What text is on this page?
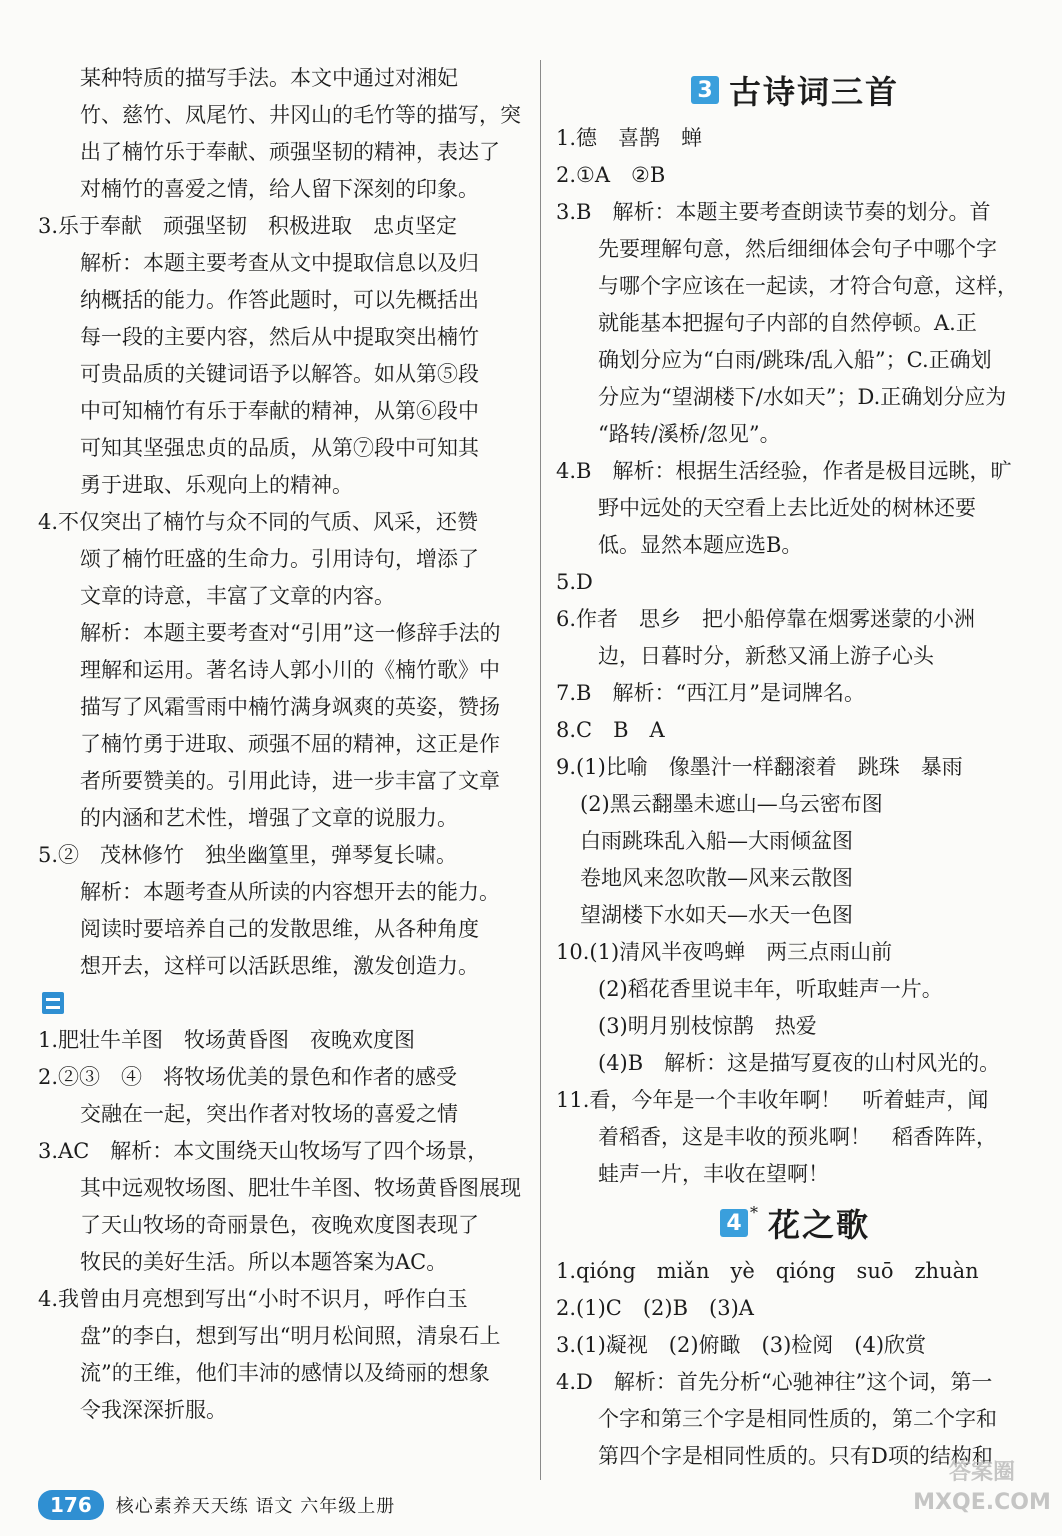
某种特质的描写手法。本文中通过对湘妃
竹、慈竹、凤尾竹、井冈山的毛竹等的描写，突
出了楠竹乐于奉献、顽强坚韧的精神，表达了
对楠竹的喜爱之情，给人留下深刻的印象。
3.乐于奉献　顽强坚韧　积极进取　忠贞坚定
解析：本题主要考查从文中提取信息以及归
纳概括的能力。作答此题时，可以先概括出
每一段的主要内容，然后从中提取突出楠竹
可贵品质的关键词语予以解答。如从第⑤段
中可知楠竹有乐于奉献的精神，从第⑥段中
可知其坚强忠贞的品质，从第⑦段中可知其
勇于进取、乐观向上的精神。
4.不仅突出了楠竹与众不同的气质、风采，还赞
颂了楠竹旺盛的生命力。引用诗句，增添了
文章的诗意，丰富了文章的内容。
解析：本题主要考查对“引用”这一修辞手法的
理解和运用。著名诗人郭小川的《楠竹歌》中
描写了风霜雪雨中楠竹满身飒爽的英姿，赞扬
了楠竹勇于进取、顽强不屈的精神，这正是作
者所要赞美的。引用此诗，进一步丰富了文章
的内涵和艺术性，增强了文章的说服力。
5.②　茂林修竹　独坐幽篁里，弹琴复长啸。
解析：本题考查从所读的内容想开去的能力。
阅读时要培养自己的发散思维，从各种角度
想开去，这样可以活跃思维，激发创造力。
1.肥壮牛羊图　牧场黄昏图　夜晚欢度图
2.②③　④　将牧场优美的景色和作者的感受
交融在一起，突出作者对牧场的喜爱之情
3.AC　解析：本文围绕天山牧场写了四个场景，
其中远观牧场图、肥壮牛羊图、牧场黄昏图展现
了天山牧场的奇丽景色，夜晚欢度图表现了
牧民的美好生活。所以本题答案为AC。
4.我曾由月亮想到写出“小时不识月，呼作白玉
盘”的李白，想到写出“明月松间照，清泉石上
流”的王维，他们丰沛的感情以及绮丽的想象
令我深深折服。
3 古诗词三首
1.德　喜鹊　蝉
2.①A　②B
3.B　解析：本题主要考查朗读节奏的划分。首
先要理解句意，然后细细体会句子中哪个字
与哪个字应该在一起读，才符合句意，这样，
就能基本把握句子内部的自然停顿。A.正
确划分应为“白雨/跳珠/乱入船”；C.正确划
分应为“望湖楼下/水如天”；D.正确划分应为
“路转/溪桥/忽见”。
4.B　解析：根据生活经验，作者是极目远眺，旷
野中远处的天空看上去比近处的树林还要
低。显然本题应选B。
5.D
6.作者　思乡　把小船停靠在烟雾迷蒙的小洲
边，日暮时分，新愁又涌上游子心头
7.B　解析：“西江月”是词牌名。
8.C　B　A
9.(1)比喻　像墨汁一样翻滚着　跳珠　暴雨
(2)黑云翻墨未遮山—乌云密布图
白雨跳珠乱入船—大雨倾盆图
卷地风来忽吹散—风来云散图
望湖楼下水如天—水天一色图
10.(1)清风半夜鸣蝉　两三点雨山前
(2)稻花香里说丰年，听取蛙声一片。
(3)明月别枝惊鹊　热爱
(4)B　解析：这是描写夏夜的山村风光的。
11.看，今年是一个丰收年啊！　听着蛙声，闻
着稻香，这是丰收的预兆啊！　稻香阵阵，
蛙声一片，丰收在望啊！
4 * 花之歌
1.qióng　miǎn　yè　qióng　suō　zhuàn
2.(1)C　(2)B　(3)A
3.(1)凝视　(2)俯瞰　(3)检阅　(4)欣赏
4.D　解析：首先分析“心驰神往”这个词，第一
个字和第三个字是相同性质的，第二个字和
第四个字是相同性质的。只有D项的结构和
176	核心素养天天练 语文 六年级上册
答案圈
MXQE.COM
